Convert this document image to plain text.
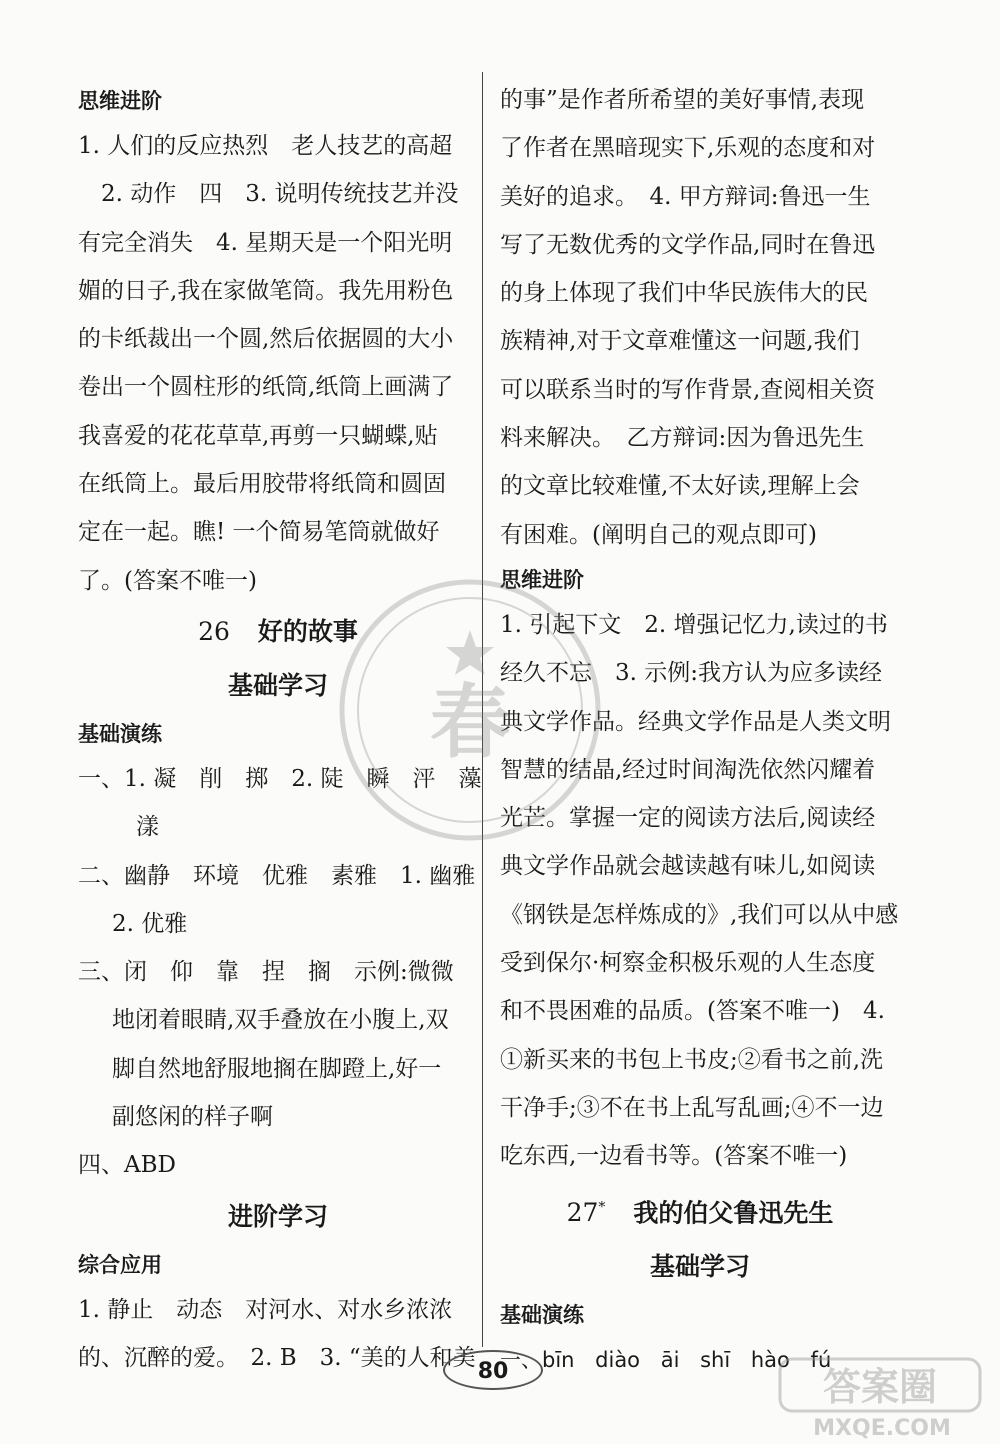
思维进阶
1. 人们的反应热烈　老人技艺的高超
　2. 动作　四　3. 说明传统技艺并没
有完全消失　4. 星期天是一个阳光明
媚的日子,我在家做笔筒。我先用粉色
的卡纸裁出一个圆,然后依据圆的大小
卷出一个圆柱形的纸筒,纸筒上画满了
我喜爱的花花草草,再剪一只蝴蝶,贴
在纸筒上。最后用胶带将纸筒和圆固
定在一起。瞧! 一个简易笔筒就做好
了。(答案不唯一)
26 好的故事
基础学习
基础演练
一、1. 凝　削　掷　2. 陡　瞬　泙　藻
漾
二、幽静　环境　优雅　素雅　1. 幽雅
2. 优雅
三、闭　仰　靠　捏　搁　示例:微微
地闭着眼睛,双手叠放在小腹上,双
脚自然地舒服地搁在脚蹬上,好一
副悠闲的样子啊
四、ABD
进阶学习
综合应用
1. 静止　动态　对河水、对水乡浓浓
的、沉醉的爱。　2. B　3. “美的人和美
的事”是作者所希望的美好事情,表现
了作者在黑暗现实下,乐观的态度和对
美好的追求。　4. 甲方辩词:鲁迅一生
写了无数优秀的文学作品,同时在鲁迅
的身上体现了我们中华民族伟大的民
族精神,对于文章难懂这一问题,我们
可以联系当时的写作背景,查阅相关资
料来解决。　乙方辩词:因为鲁迅先生
的文章比较难懂,不太好读,理解上会
有困难。(阐明自己的观点即可)
思维进阶
1. 引起下文　2. 增强记忆力,读过的书
经久不忘　3. 示例:我方认为应多读经
典文学作品。经典文学作品是人类文明
智慧的结晶,经过时间淘洗依然闪耀着
光芒。掌握一定的阅读方法后,阅读经
典文学作品就会越读越有味儿,如阅读
《钢铁是怎样炼成的》,我们可以从中感
受到保尔·柯察金积极乐观的人生态度
和不畏困难的品质。(答案不唯一)　4.
①新买来的书包上书皮;②看书之前,洗
干净手;③不在书上乱写乱画;④不一边
吃东西,一边看书等。(答案不唯一)
27* 我的伯父鲁迅先生
基础学习
基础演练
一、bīn diào āi shī hào fú
春
80	答案圈
MXQE.COM
